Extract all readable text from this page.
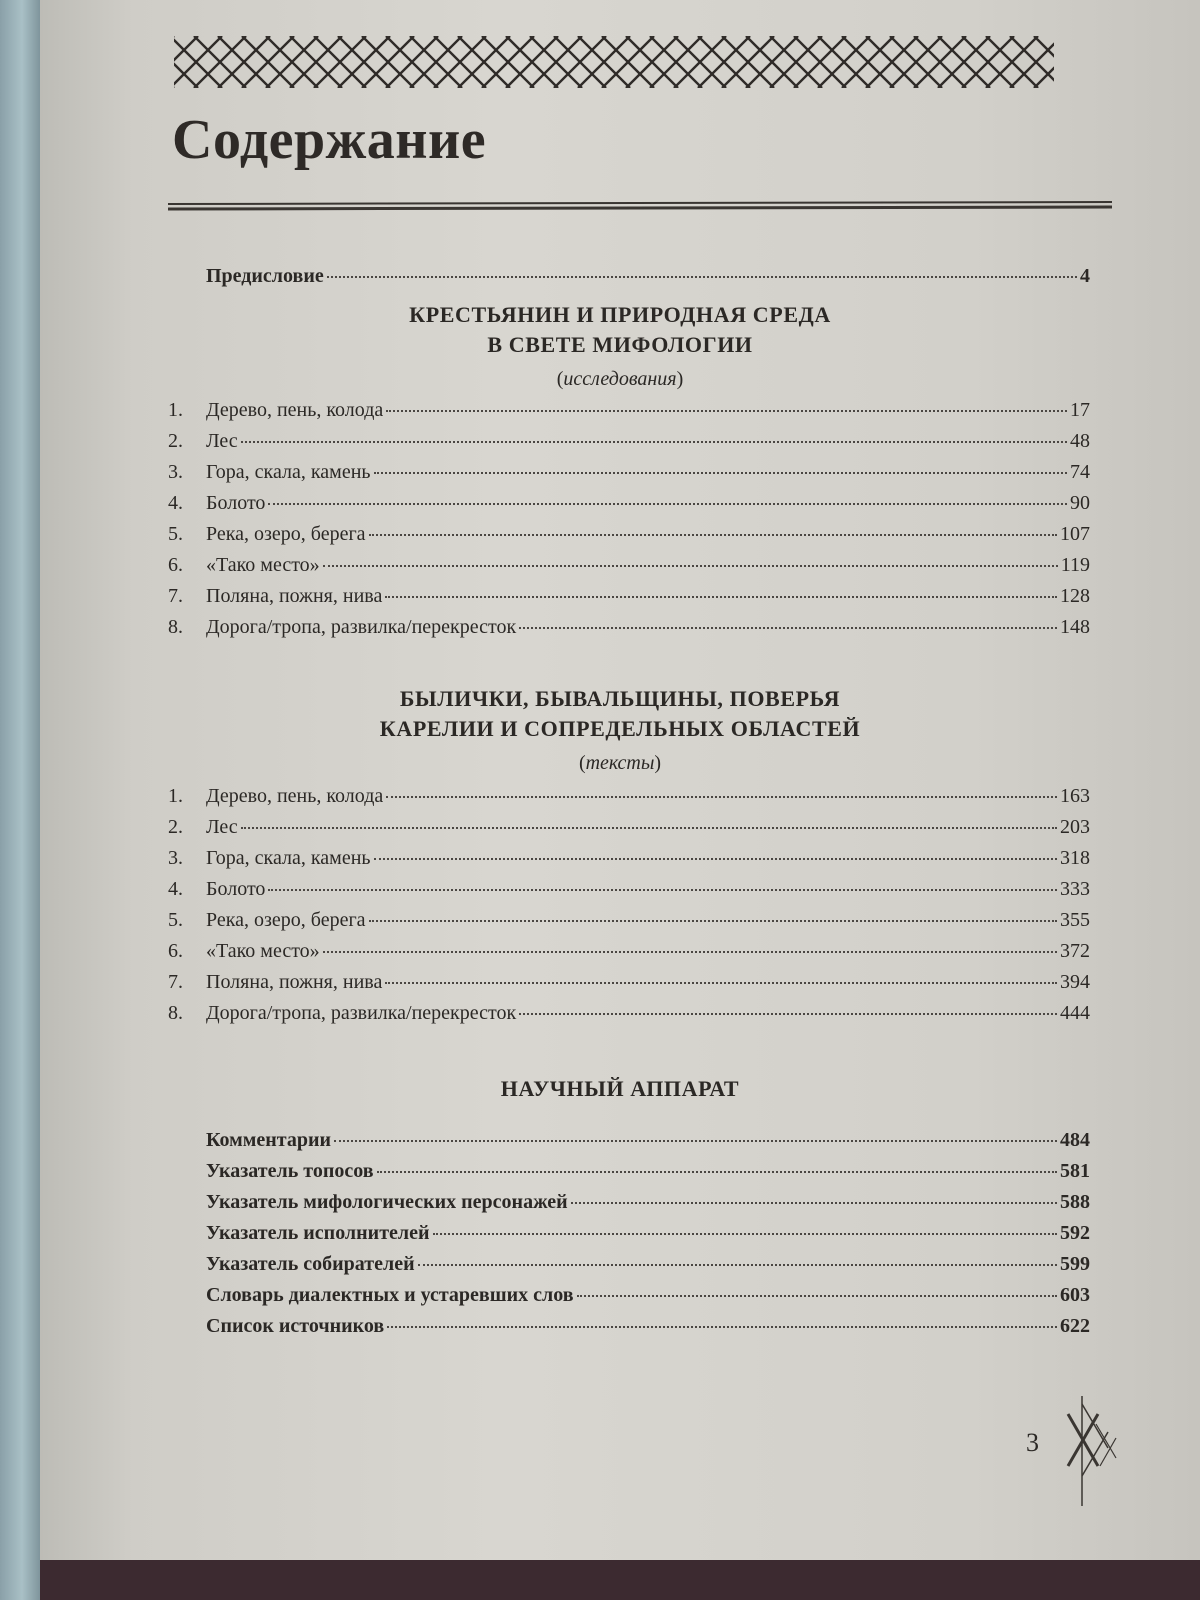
Содержание
Предисловие	4
КРЕСТЬЯНИН И ПРИРОДНАЯ СРЕДА
В СВЕТЕ МИФОЛОГИИ
(исследования)
1.	Дерево, пень, колода	17
2.	Лес	48
3.	Гора, скала, камень	74
4.	Болото	90
5.	Река, озеро, берега	107
6.	«Тако место»	119
7.	Поляна, пожня, нива	128
8.	Дорога/тропа, развилка/перекресток	148
БЫЛИЧКИ, БЫВАЛЬЩИНЫ, ПОВЕРЬЯ
КАРЕЛИИ И СОПРЕДЕЛЬНЫХ ОБЛАСТЕЙ
(тексты)
1.	Дерево, пень, колода	163
2.	Лес	203
3.	Гора, скала, камень	318
4.	Болото	333
5.	Река, озеро, берега	355
6.	«Тако место»	372
7.	Поляна, пожня, нива	394
8.	Дорога/тропа, развилка/перекресток	444
НАУЧНЫЙ АППАРАТ
Комментарии	484
Указатель топосов	581
Указатель мифологических персонажей	588
Указатель исполнителей	592
Указатель собирателей	599
Словарь диалектных и устаревших слов	603
Список источников	622
3
